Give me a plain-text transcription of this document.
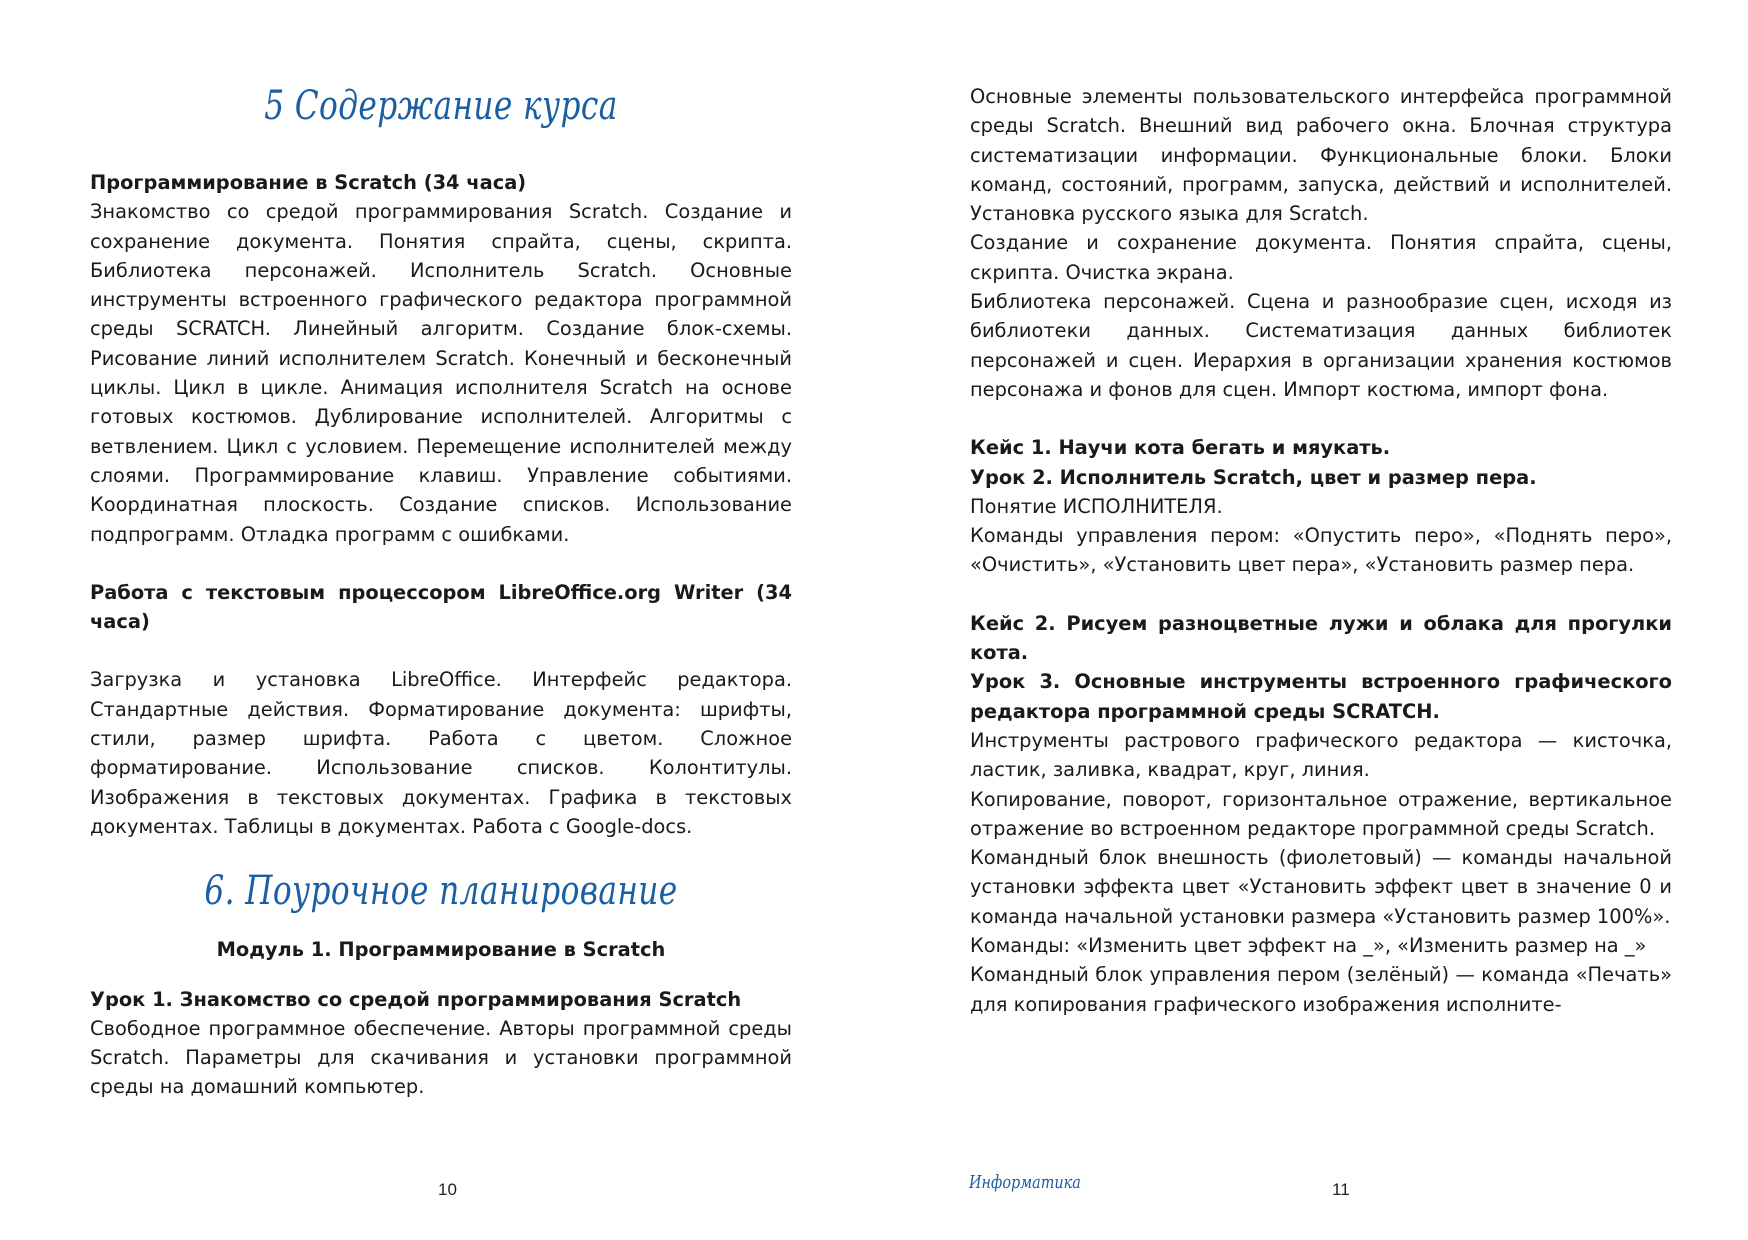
5 Содержание курса

Программирование в Scratch (34 часа)

Знакомство со средой программирования Scratch. Создание и сохранение документа. Понятия спрайта, сцены, скрипта. Библиотека персонажей. Исполнитель Scratch. Основные инструменты встроенного графического редактора программной среды SCRATCH. Линейный алгоритм. Создание блок-схемы. Рисование линий исполнителем Scratch. Конечный и бесконечный циклы. Цикл в цикле. Анимация исполнителя Scratch на основе готовых костюмов. Дублирование исполнителей. Алгоритмы с ветвлением. Цикл с условием. Перемещение исполнителей между слоями. Программирование клавиш. Управление событиями. Координатная плоскость. Создание списков. Использование подпрограмм. Отладка программ с ошибками.

Работа с текстовым процессором LibreOffice.org Writer (34 часа)

Загрузка и установка LibreOffice. Интерфейс редактора. Стандартные действия. Форматирование документа: шрифты, стили, размер шрифта. Работа с цветом. Сложное форматирование. Использование списков. Колонтитулы. Изображения в текстовых документах. Графика в текстовых документах. Таблицы в документах. Работа с Google-docs.

6. Поурочное планирование

Модуль 1. Программирование в Scratch

Урок 1. Знакомство со средой программирования Scratch

Свободное программное обеспечение. Авторы программной среды Scratch. Параметры для скачивания и установки программной среды на домашний компьютер.

10

Основные элементы пользовательского интерфейса программной среды Scratch. Внешний вид рабочего окна. Блочная структура систематизации информации. Функциональные блоки. Блоки команд, состояний, программ, запуска, действий и исполнителей. Установка русского языка для Scratch.

Создание и сохранение документа. Понятия спрайта, сцены, скрипта. Очистка экрана.

Библиотека персонажей. Сцена и разнообразие сцен, исходя из библиотеки данных. Систематизация данных библиотек персонажей и сцен. Иерархия в организации хранения костюмов персонажа и фонов для сцен. Импорт костюма, импорт фона.

Кейс 1. Научи кота бегать и мяукать.

Урок 2. Исполнитель Scratch, цвет и размер пера.

Понятие ИСПОЛНИТЕЛЯ.

Команды управления пером: «Опустить перо», «Поднять перо», «Очистить», «Установить цвет пера», «Установить размер пера.

Кейс 2. Рисуем разноцветные лужи и облака для прогулки кота.

Урок 3. Основные инструменты встроенного графического редактора программной среды SCRATCH.

Инструменты растрового графического редактора — кисточка, ластик, заливка, квадрат, круг, линия.

Копирование, поворот, горизонтальное отражение, вертикальное отражение во встроенном редакторе программной среды Scratch.

Командный блок внешность (фиолетовый) — команды начальной установки эффекта цвет «Установить эффект цвет в значение 0 и команда начальной установки размера «Установить размер 100%».

Команды: «Изменить цвет эффект на _», «Изменить размер на _»

Командный блок управления пером (зелёный) — команда «Печать» для копирования графического изображения исполните-

Информатика	11
